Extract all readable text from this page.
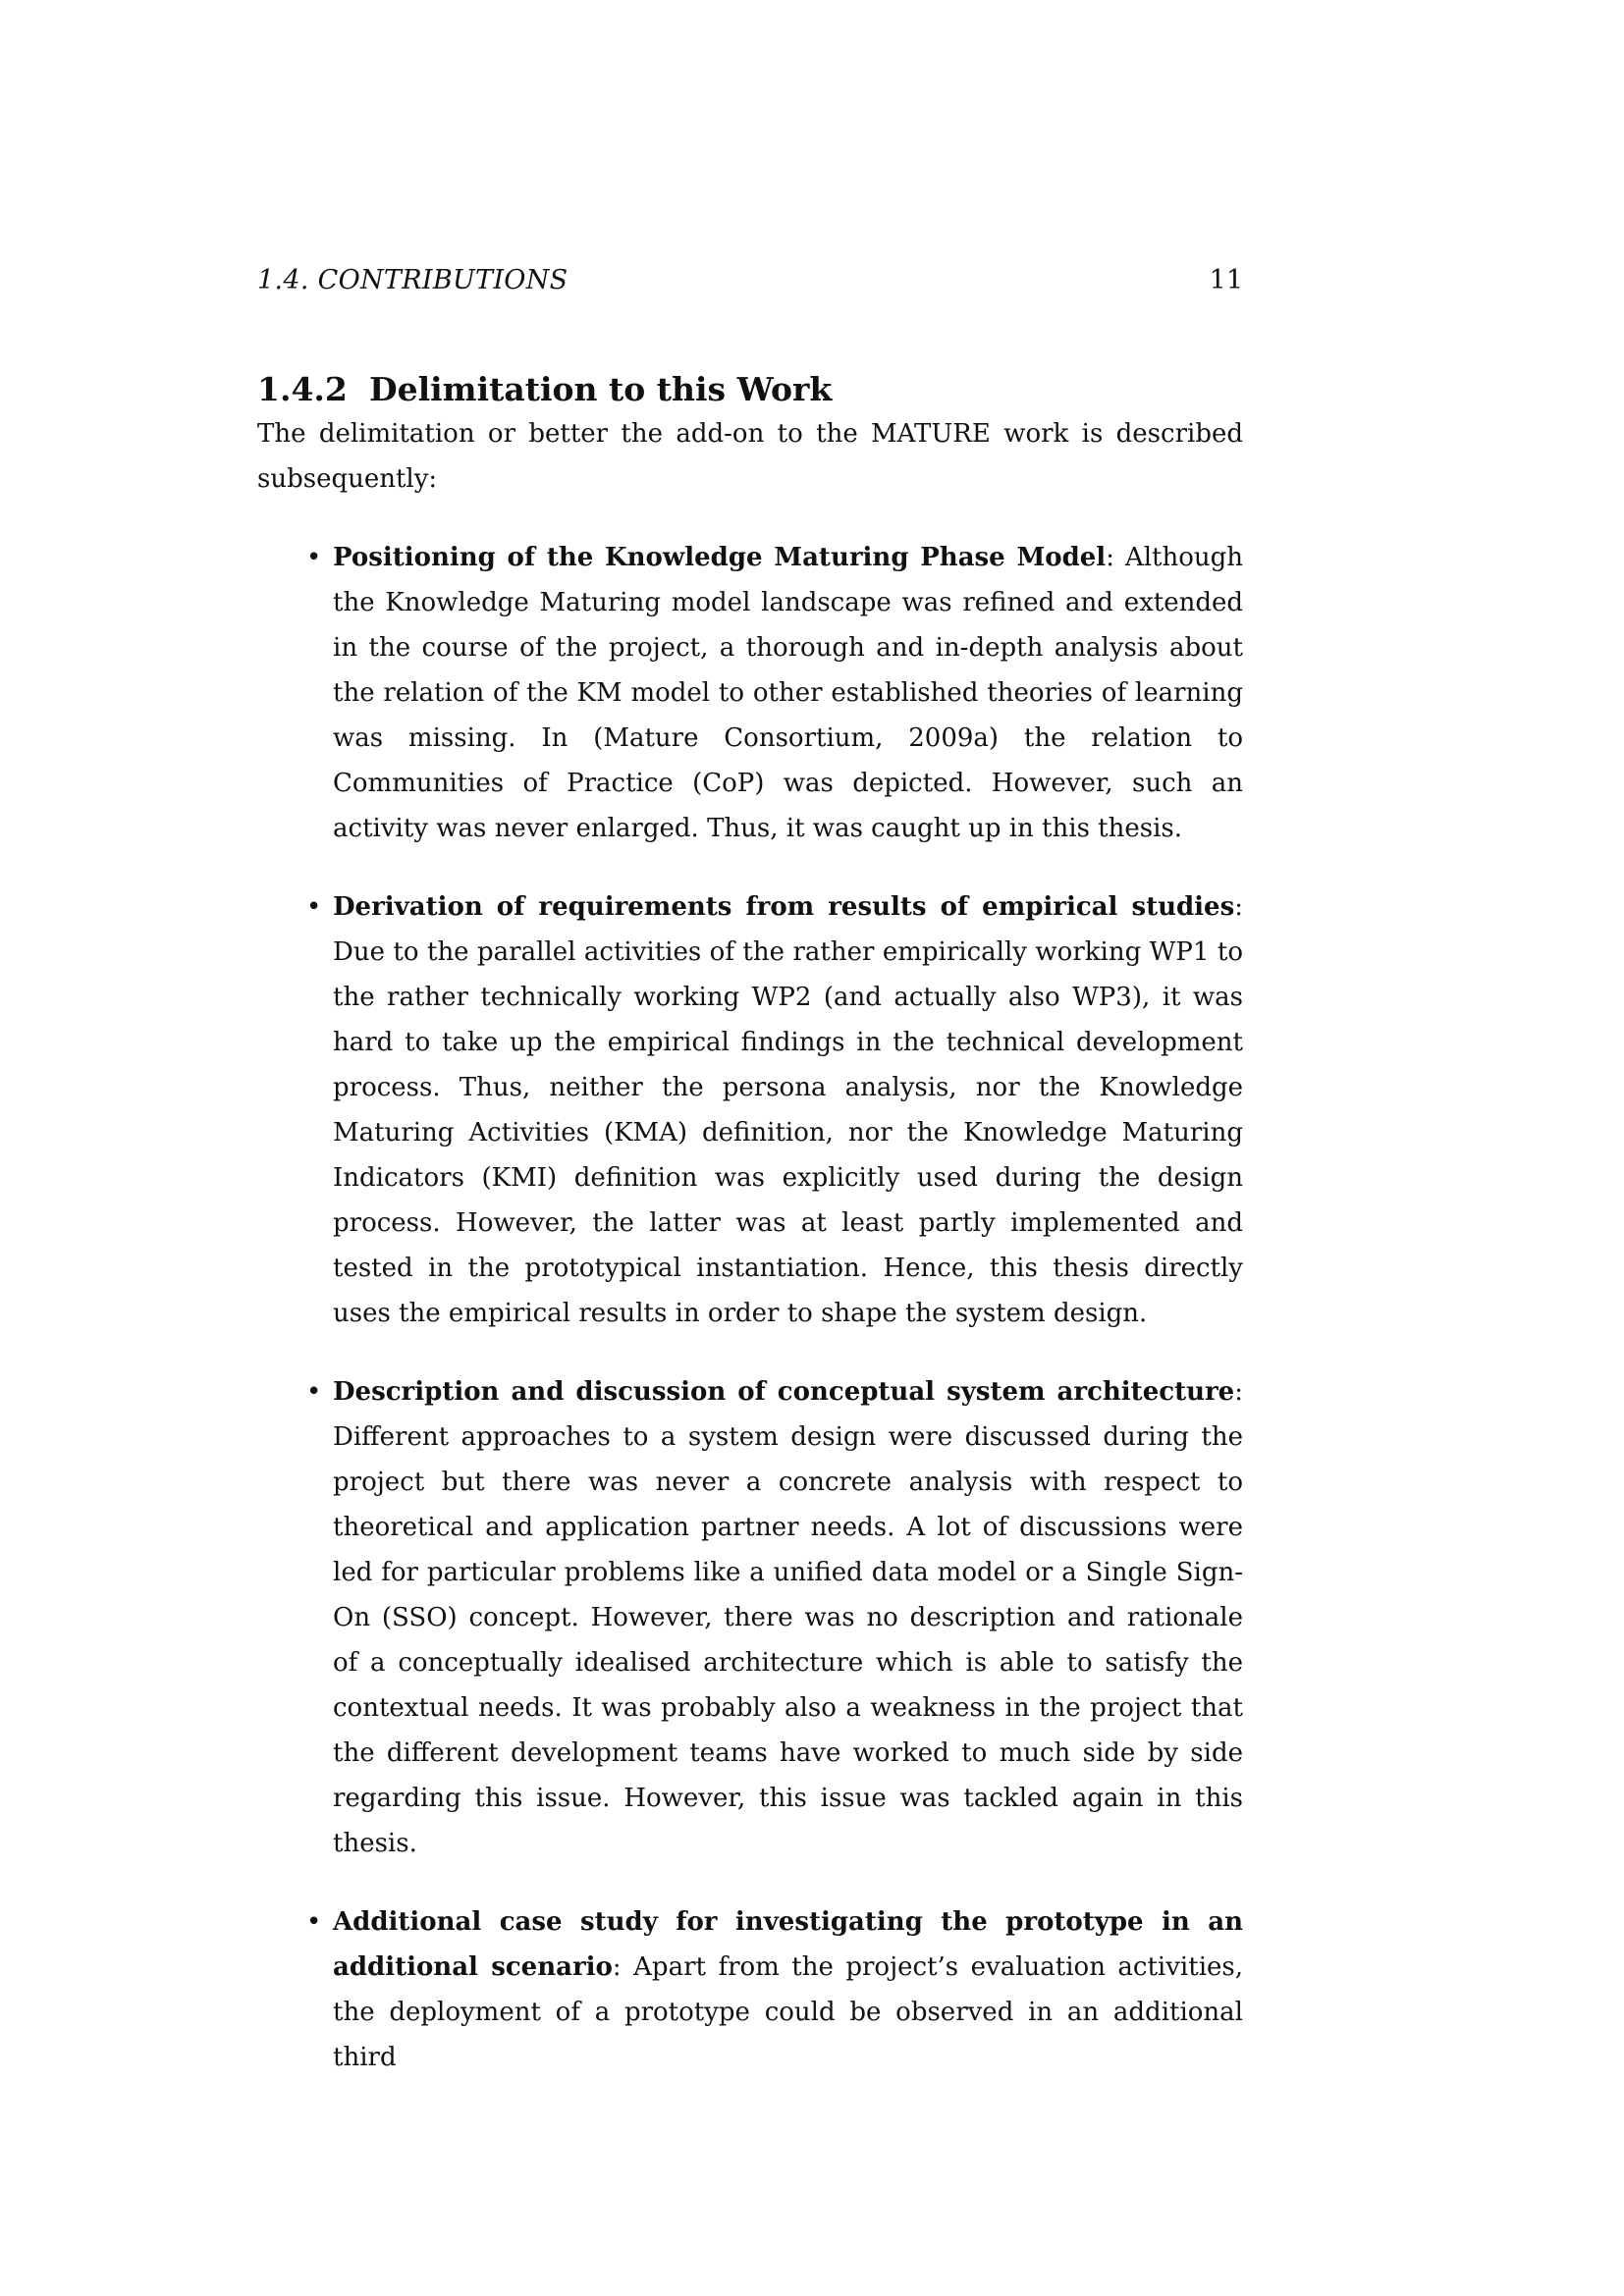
1.4. CONTRIBUTIONS	11
1.4.2 Delimitation to this Work

The delimitation or better the add-on to the MATURE work is described subsequently:

• Positioning of the Knowledge Maturing Phase Model: Although the Knowledge Maturing model landscape was refined and extended in the course of the project, a thorough and in-depth analysis about the relation of the KM model to other established theories of learning was missing. In (Mature Consortium, 2009a) the relation to Communities of Practice (CoP) was depicted. However, such an activity was never enlarged. Thus, it was caught up in this thesis.
• Derivation of requirements from results of empirical studies: Due to the parallel activities of the rather empirically working WP1 to the rather technically working WP2 (and actually also WP3), it was hard to take up the empirical findings in the technical development process. Thus, neither the persona analysis, nor the Knowledge Maturing Activities (KMA) definition, nor the Knowledge Maturing Indicators (KMI) definition was explicitly used during the design process. However, the latter was at least partly implemented and tested in the prototypical instantiation. Hence, this thesis directly uses the empirical results in order to shape the system design.
• Description and discussion of conceptual system architecture: Different approaches to a system design were discussed during the project but there was never a concrete analysis with respect to theoretical and application partner needs. A lot of discussions were led for particular problems like a unified data model or a Single Sign-On (SSO) concept. However, there was no description and rationale of a conceptually idealised architecture which is able to satisfy the contextual needs. It was probably also a weakness in the project that the different development teams have worked to much side by side regarding this issue. However, this issue was tackled again in this thesis.
• Additional case study for investigating the prototype in an additional scenario: Apart from the project’s evaluation activities, the deployment of a prototype could be observed in an additional third
